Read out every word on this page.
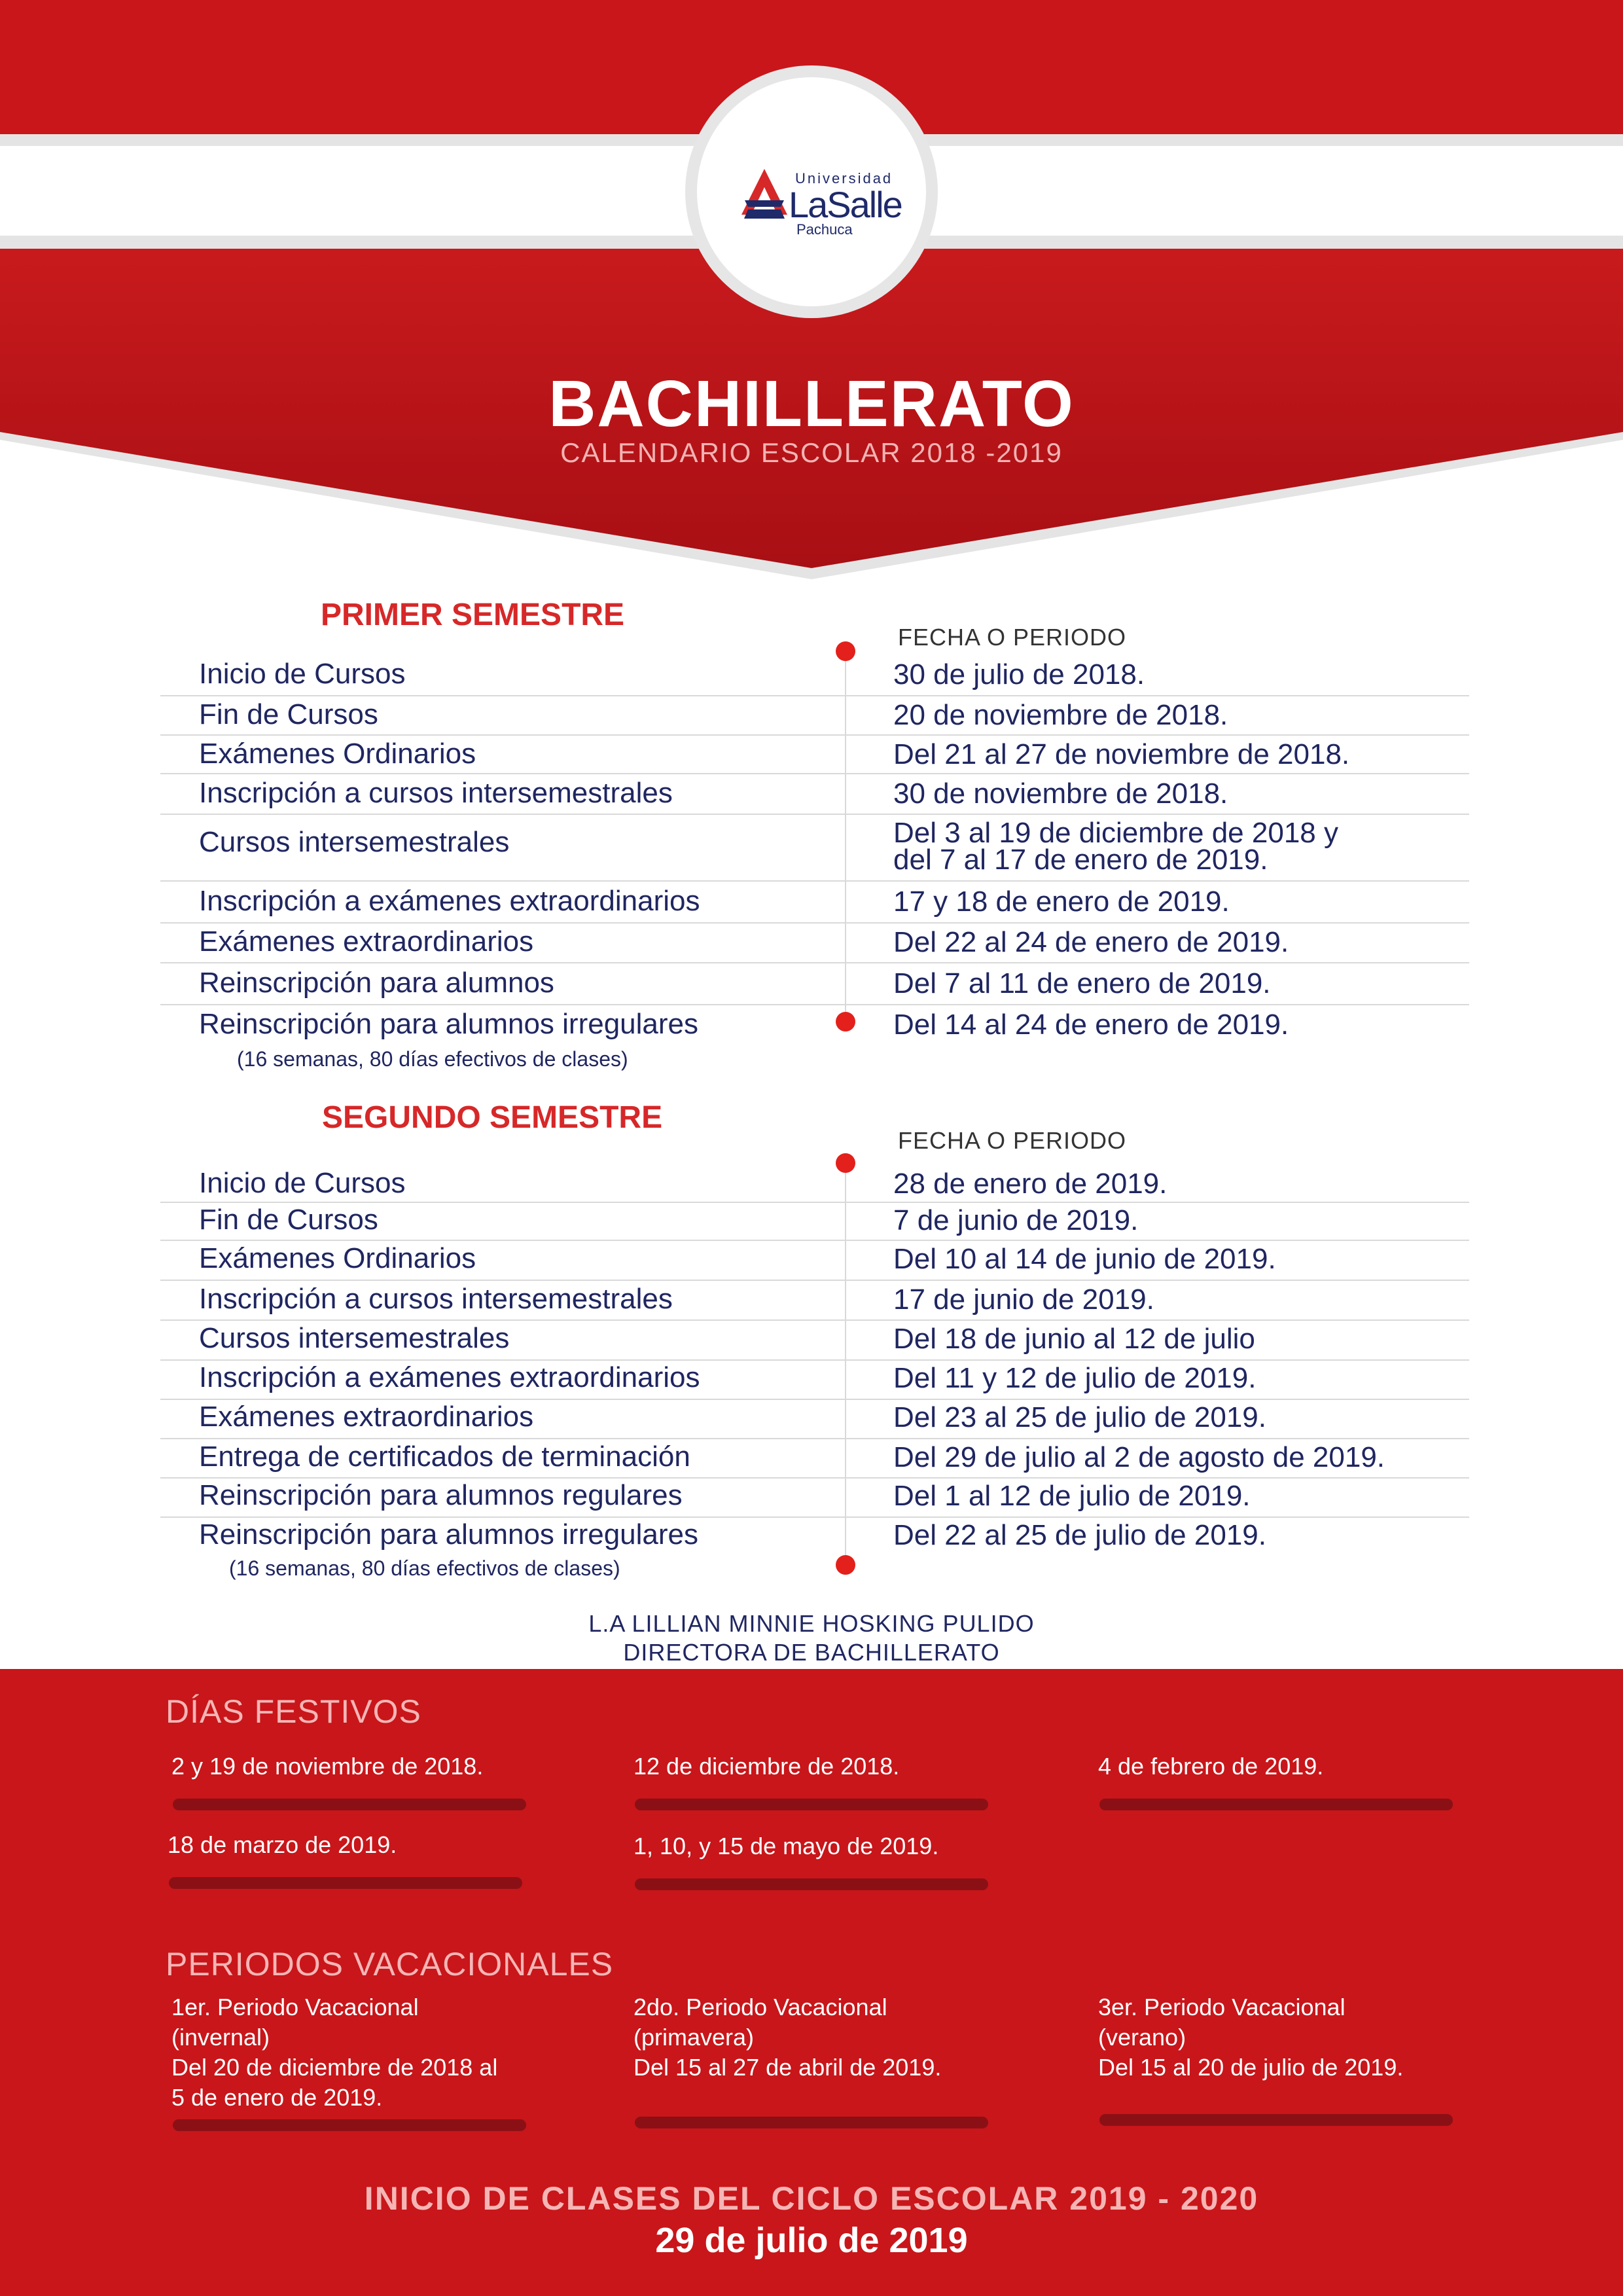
Universidad
LaSalle
Pachuca
BACHILLERATO
CALENDARIO ESCOLAR 2018 -2019
PRIMER SEMESTRE
FECHA O PERIODO
Inicio de Cursos	30 de julio de 2018.
Fin de Cursos	20 de noviembre de 2018.
Exámenes Ordinarios	Del 21 al 27 de noviembre de 2018.
Inscripción a cursos intersemestrales	30 de noviembre de 2018.
Cursos intersemestrales	Del 3 al 19 de diciembre de 2018 y
del 7 al 17 de enero de 2019.
Inscripción a exámenes extraordinarios	17 y 18 de enero de 2019.
Exámenes extraordinarios	Del 22 al 24 de enero de 2019.
Reinscripción para alumnos	Del 7 al 11 de enero de 2019.
Reinscripción para alumnos irregulares	Del 14 al 24 de enero de 2019.
(16 semanas, 80 días efectivos de clases)
SEGUNDO SEMESTRE
FECHA O PERIODO
Inicio de Cursos	28 de enero de 2019.
Fin de Cursos	7 de junio de 2019.
Exámenes Ordinarios	Del 10 al 14 de junio de 2019.
Inscripción a cursos intersemestrales	17 de junio de 2019.
Cursos intersemestrales	Del 18 de junio al 12 de julio
Inscripción a exámenes extraordinarios	Del 11 y 12 de julio de 2019.
Exámenes extraordinarios	Del 23 al 25 de julio de 2019.
Entrega de certificados de terminación	Del 29 de julio al 2 de agosto de 2019.
Reinscripción para alumnos regulares	Del 1 al 12 de julio de 2019.
Reinscripción para alumnos irregulares	Del 22 al 25 de julio de 2019.
(16 semanas, 80 días efectivos de clases)
L.A LILLIAN MINNIE HOSKING PULIDO
DIRECTORA DE BACHILLERATO
DÍAS FESTIVOS
2 y 19 de noviembre de 2018.	12 de diciembre de 2018.	4 de febrero de 2019.
18 de marzo de 2019.	1, 10, y 15 de mayo de 2019.
PERIODOS VACACIONALES
1er. Periodo Vacacional
(invernal)
Del 20 de diciembre de 2018 al
5 de enero de 2019.
2do. Periodo Vacacional
(primavera)
Del 15 al 27 de abril de 2019.
3er. Periodo Vacacional
(verano)
Del 15 al 20 de julio de 2019.
INICIO DE CLASES DEL CICLO ESCOLAR 2019 - 2020
29 de julio de 2019
